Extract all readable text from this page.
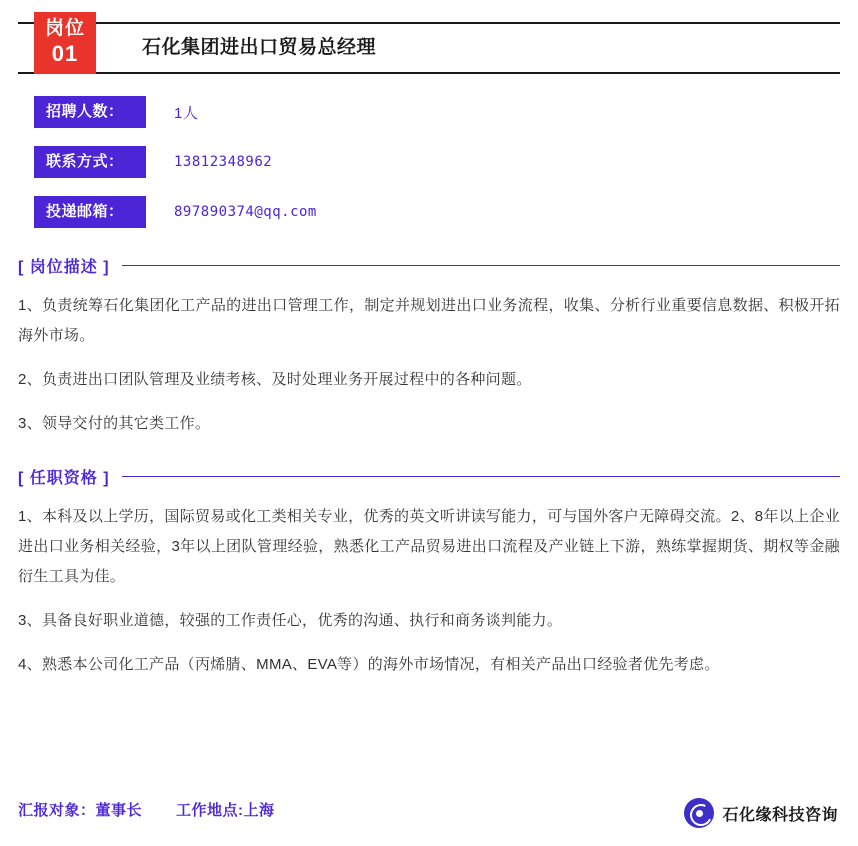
岗位
01	石化集团进出口贸易总经理
招聘人数：	1人
联系方式：	13812348962
投递邮箱：	897890374@qq.com
[ 岗位描述 ]

1、负责统筹石化集团化工产品的进出口管理工作，制定并规划进出口业务流程，收集、分析行业重要信息数据、积极开拓海外市场。

2、负责进出口团队管理及业绩考核、及时处理业务开展过程中的各种问题。

3、领导交付的其它类工作。

[ 任职资格 ]

1、本科及以上学历，国际贸易或化工类相关专业，优秀的英文听讲读写能力，可与国外客户无障碍交流。2、8年以上企业进出口业务相关经验，3年以上团队管理经验，熟悉化工产品贸易进出口流程及产业链上下游，熟练掌握期货、期权等金融衍生工具为佳。

3、具备良好职业道德，较强的工作责任心，优秀的沟通、执行和商务谈判能力。

4、熟悉本公司化工产品（丙烯腈、MMA、EVA等）的海外市场情况，有相关产品出口经验者优先考虑。

汇报对象：董事长 工作地点:上海	石化缘科技咨询
